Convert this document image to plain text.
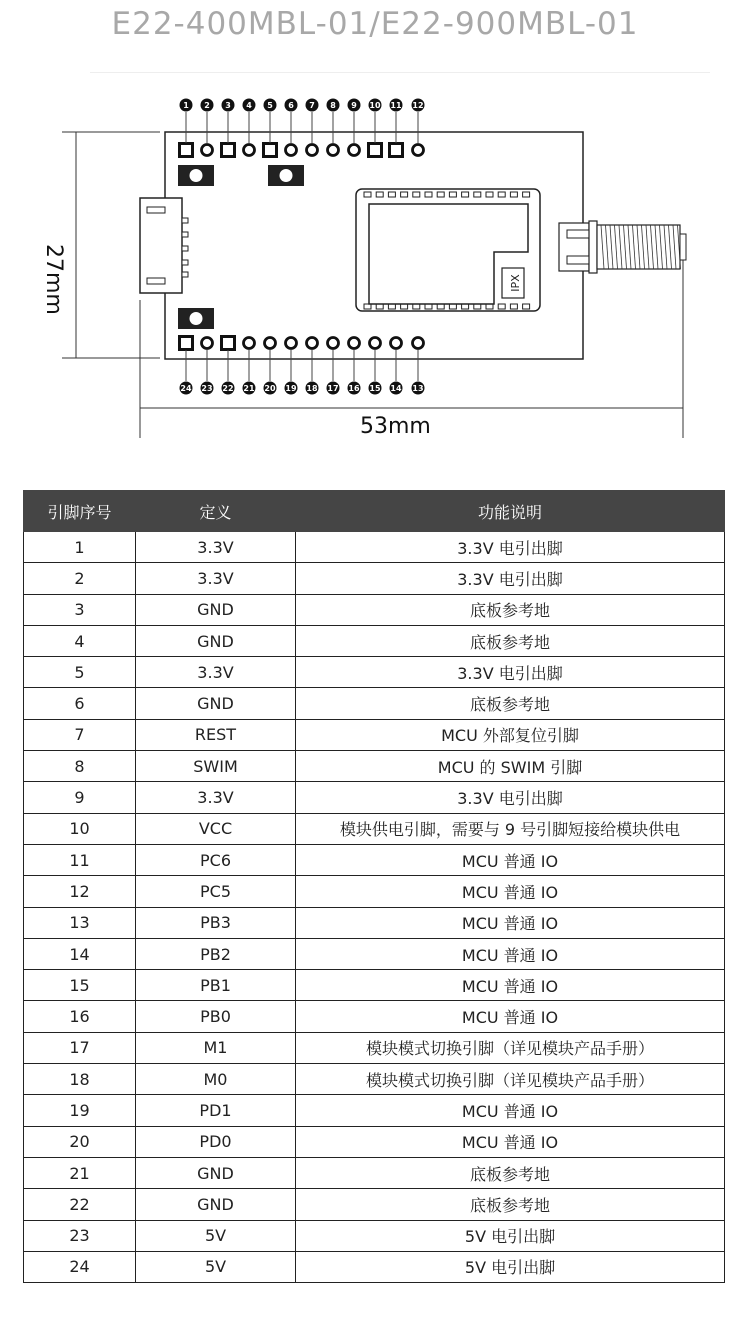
E22-400MBL-01/E22-900MBL-01
IPX
1 2 3 4 5 6 7 8 9 10 11 12
24 23 22 21 20 19 18 17 16 15 14 13
53mm
27mm
引脚序号	定义	功能说明
1	3.3V	3.3V 电引出脚
2	3.3V	3.3V 电引出脚
3	GND	底板参考地
4	GND	底板参考地
5	3.3V	3.3V 电引出脚
6	GND	底板参考地
7	REST	MCU 外部复位引脚
8	SWIM	MCU 的 SWIM 引脚
9	3.3V	3.3V 电引出脚
10	VCC	模块供电引脚，需要与 9 号引脚短接给模块供电
11	PC6	MCU 普通 IO
12	PC5	MCU 普通 IO
13	PB3	MCU 普通 IO
14	PB2	MCU 普通 IO
15	PB1	MCU 普通 IO
16	PB0	MCU 普通 IO
17	M1	模块模式切换引脚（详见模块产品手册）
18	M0	模块模式切换引脚（详见模块产品手册）
19	PD1	MCU 普通 IO
20	PD0	MCU 普通 IO
21	GND	底板参考地
22	GND	底板参考地
23	5V	5V 电引出脚
24	5V	5V 电引出脚
